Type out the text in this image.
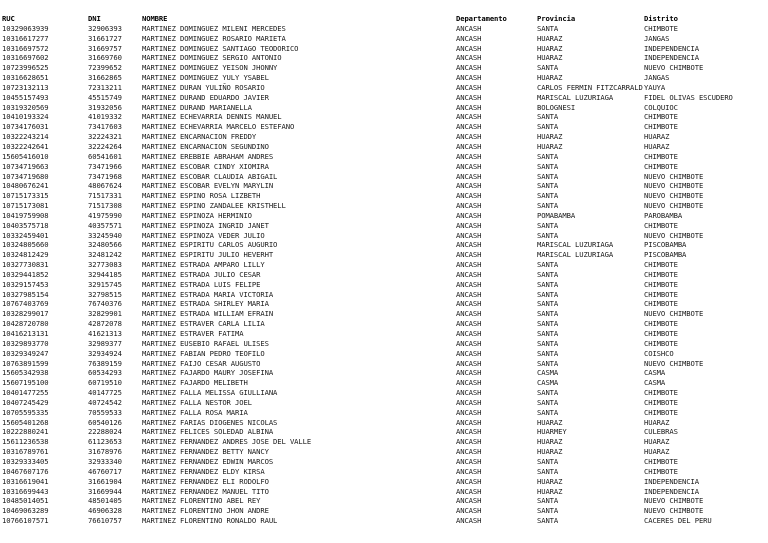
	RUC	DNI	NOMBRE	Departamento	Provincia	Distrito
	10329063939	32906393	MARTINEZ DOMINGUEZ MILENI MERCEDES	ANCASH	SANTA	CHIMBOTE
	10316617277	31661727	MARTINEZ DOMINGUEZ ROSARIO MARIETA	ANCASH	HUARAZ	JANGAS
	10316697572	31669757	MARTINEZ DOMINGUEZ SANTIAGO TEODORICO	ANCASH	HUARAZ	INDEPENDENCIA
	10316697602	31669760	MARTINEZ DOMINGUEZ SERGIO ANTONIO	ANCASH	HUARAZ	INDEPENDENCIA
	10723996525	72399652	MARTINEZ DOMINGUEZ YEISON JHONNY	ANCASH	SANTA	NUEVO CHIMBOTE
	10316628651	31662865	MARTINEZ DOMINGUEZ YULY YSABEL	ANCASH	HUARAZ	JANGAS
	10723132113	72313211	MARTINEZ DURAN YULIÑO ROSARIO	ANCASH	CARLOS FERMIN FITZCARRALD	YAUYA
	10455157493	45515749	MARTINEZ DURAND EDUARDO JAVIER	ANCASH	MARISCAL LUZURIAGA	FIDEL OLIVAS ESCUDERO
	10319320569	31932056	MARTINEZ DURAND MARIANELLA	ANCASH	BOLOGNESI	COLQUIOC
	10410193324	41019332	MARTINEZ ECHEVARRIA DENNIS MANUEL	ANCASH	SANTA	CHIMBOTE
	10734176031	73417603	MARTINEZ ECHEVARRIA MARCELO ESTEFANO	ANCASH	SANTA	CHIMBOTE
	10322243214	32224321	MARTINEZ ENCARNACION FREDDY	ANCASH	HUARAZ	HUARAZ
	10322242641	32224264	MARTINEZ ENCARNACION SEGUNDINO	ANCASH	HUARAZ	HUARAZ
	15605416010	60541601	MARTINEZ EREBBIE ABRAHAM ANDRES	ANCASH	SANTA	CHIMBOTE
	10734719663	73471966	MARTINEZ ESCOBAR CINDY XIOMIRA	ANCASH	SANTA	CHIMBOTE
	10734719680	73471968	MARTINEZ ESCOBAR CLAUDIA ABIGAIL	ANCASH	SANTA	NUEVO CHIMBOTE
	10480676241	48067624	MARTINEZ ESCOBAR EVELYN MARYLIN	ANCASH	SANTA	NUEVO CHIMBOTE
	10715173315	71517331	MARTINEZ ESPINO ROSA LIZBETH	ANCASH	SANTA	NUEVO CHIMBOTE
	10715173081	71517308	MARTINEZ ESPINO ZANDALEE KRISTHELL	ANCASH	SANTA	NUEVO CHIMBOTE
	10419759908	41975990	MARTINEZ ESPINOZA HERMINIO	ANCASH	POMABAMBA	PAROBAMBA
	10403575718	40357571	MARTINEZ ESPINOZA INGRID JANET	ANCASH	SANTA	CHIMBOTE
	10332459401	33245940	MARTINEZ ESPINOZA VEDER JULIO	ANCASH	SANTA	NUEVO CHIMBOTE
	10324805660	32480566	MARTINEZ ESPIRITU CARLOS AUGURIO	ANCASH	MARISCAL LUZURIAGA	PISCOBAMBA
	10324812429	32481242	MARTINEZ ESPIRITU JULIO HEVERHT	ANCASH	MARISCAL LUZURIAGA	PISCOBAMBA
	10327730831	32773083	MARTINEZ ESTRADA AMPARO LILLY	ANCASH	SANTA	CHIMBOTE
	10329441852	32944185	MARTINEZ ESTRADA JULIO CESAR	ANCASH	SANTA	CHIMBOTE
	10329157453	32915745	MARTINEZ ESTRADA LUIS FELIPE	ANCASH	SANTA	CHIMBOTE
	10327985154	32798515	MARTINEZ ESTRADA MARIA VICTORIA	ANCASH	SANTA	CHIMBOTE
	10767403769	76740376	MARTINEZ ESTRADA SHIRLEY MARIA	ANCASH	SANTA	CHIMBOTE
	10328299017	32829901	MARTINEZ ESTRADA WILLIAM EFRAIN	ANCASH	SANTA	NUEVO CHIMBOTE
	10428720780	42872078	MARTINEZ ESTRAVER CARLA LILIA	ANCASH	SANTA	CHIMBOTE
	10416213131	41621313	MARTINEZ ESTRAVER FATIMA	ANCASH	SANTA	CHIMBOTE
	10329893770	32989377	MARTINEZ EUSEBIO RAFAEL ULISES	ANCASH	SANTA	CHIMBOTE
	10329349247	32934924	MARTINEZ FABIAN PEDRO TEOFILO	ANCASH	SANTA	COISHCO
	10763891599	76389159	MARTINEZ FAIJO CESAR AUGUSTO	ANCASH	SANTA	NUEVO CHIMBOTE
	15605342938	60534293	MARTINEZ FAJARDO MAURY JOSEFINA	ANCASH	CASMA	CASMA
	15607195100	60719510	MARTINEZ FAJARDO MELIBETH	ANCASH	CASMA	CASMA
	10401477255	40147725	MARTINEZ FALLA MELISSA GIULLIANA	ANCASH	SANTA	CHIMBOTE
	10407245429	40724542	MARTINEZ FALLA NESTOR JOEL	ANCASH	SANTA	CHIMBOTE
	10705595335	70559533	MARTINEZ FALLA ROSA MARIA	ANCASH	SANTA	CHIMBOTE
	15605401268	60540126	MARTINEZ FARIAS DIOGENES NICOLAS	ANCASH	HUARAZ	HUARAZ
	10222880241	22288024	MARTINEZ FELICES SOLEDAD ALBINA	ANCASH	HUARMEY	CULEBRAS
	15611236538	61123653	MARTINEZ FERNANDEZ ANDRES JOSE DEL VALLE	ANCASH	HUARAZ	HUARAZ
	10316789761	31678976	MARTINEZ FERNANDEZ BETTY NANCY	ANCASH	HUARAZ	HUARAZ
	10329333405	32933340	MARTINEZ FERNANDEZ EDWIN MARCOS	ANCASH	SANTA	CHIMBOTE
	10467607176	46760717	MARTINEZ FERNANDEZ ELDY KIRSA	ANCASH	SANTA	CHIMBOTE
	10316619041	31661904	MARTINEZ FERNANDEZ ELI RODOLFO	ANCASH	HUARAZ	INDEPENDENCIA
	10316699443	31669944	MARTINEZ FERNANDEZ MANUEL TITO	ANCASH	HUARAZ	INDEPENDENCIA
	10485014051	48501405	MARTINEZ FLORENTINO ABEL REY	ANCASH	SANTA	NUEVO CHIMBOTE
	10469063289	46906328	MARTINEZ FLORENTINO JHON ANDRE	ANCASH	SANTA	NUEVO CHIMBOTE
	10766107571	76610757	MARTINEZ FLORENTINO RONALDO RAUL	ANCASH	SANTA	CACERES DEL PERU
